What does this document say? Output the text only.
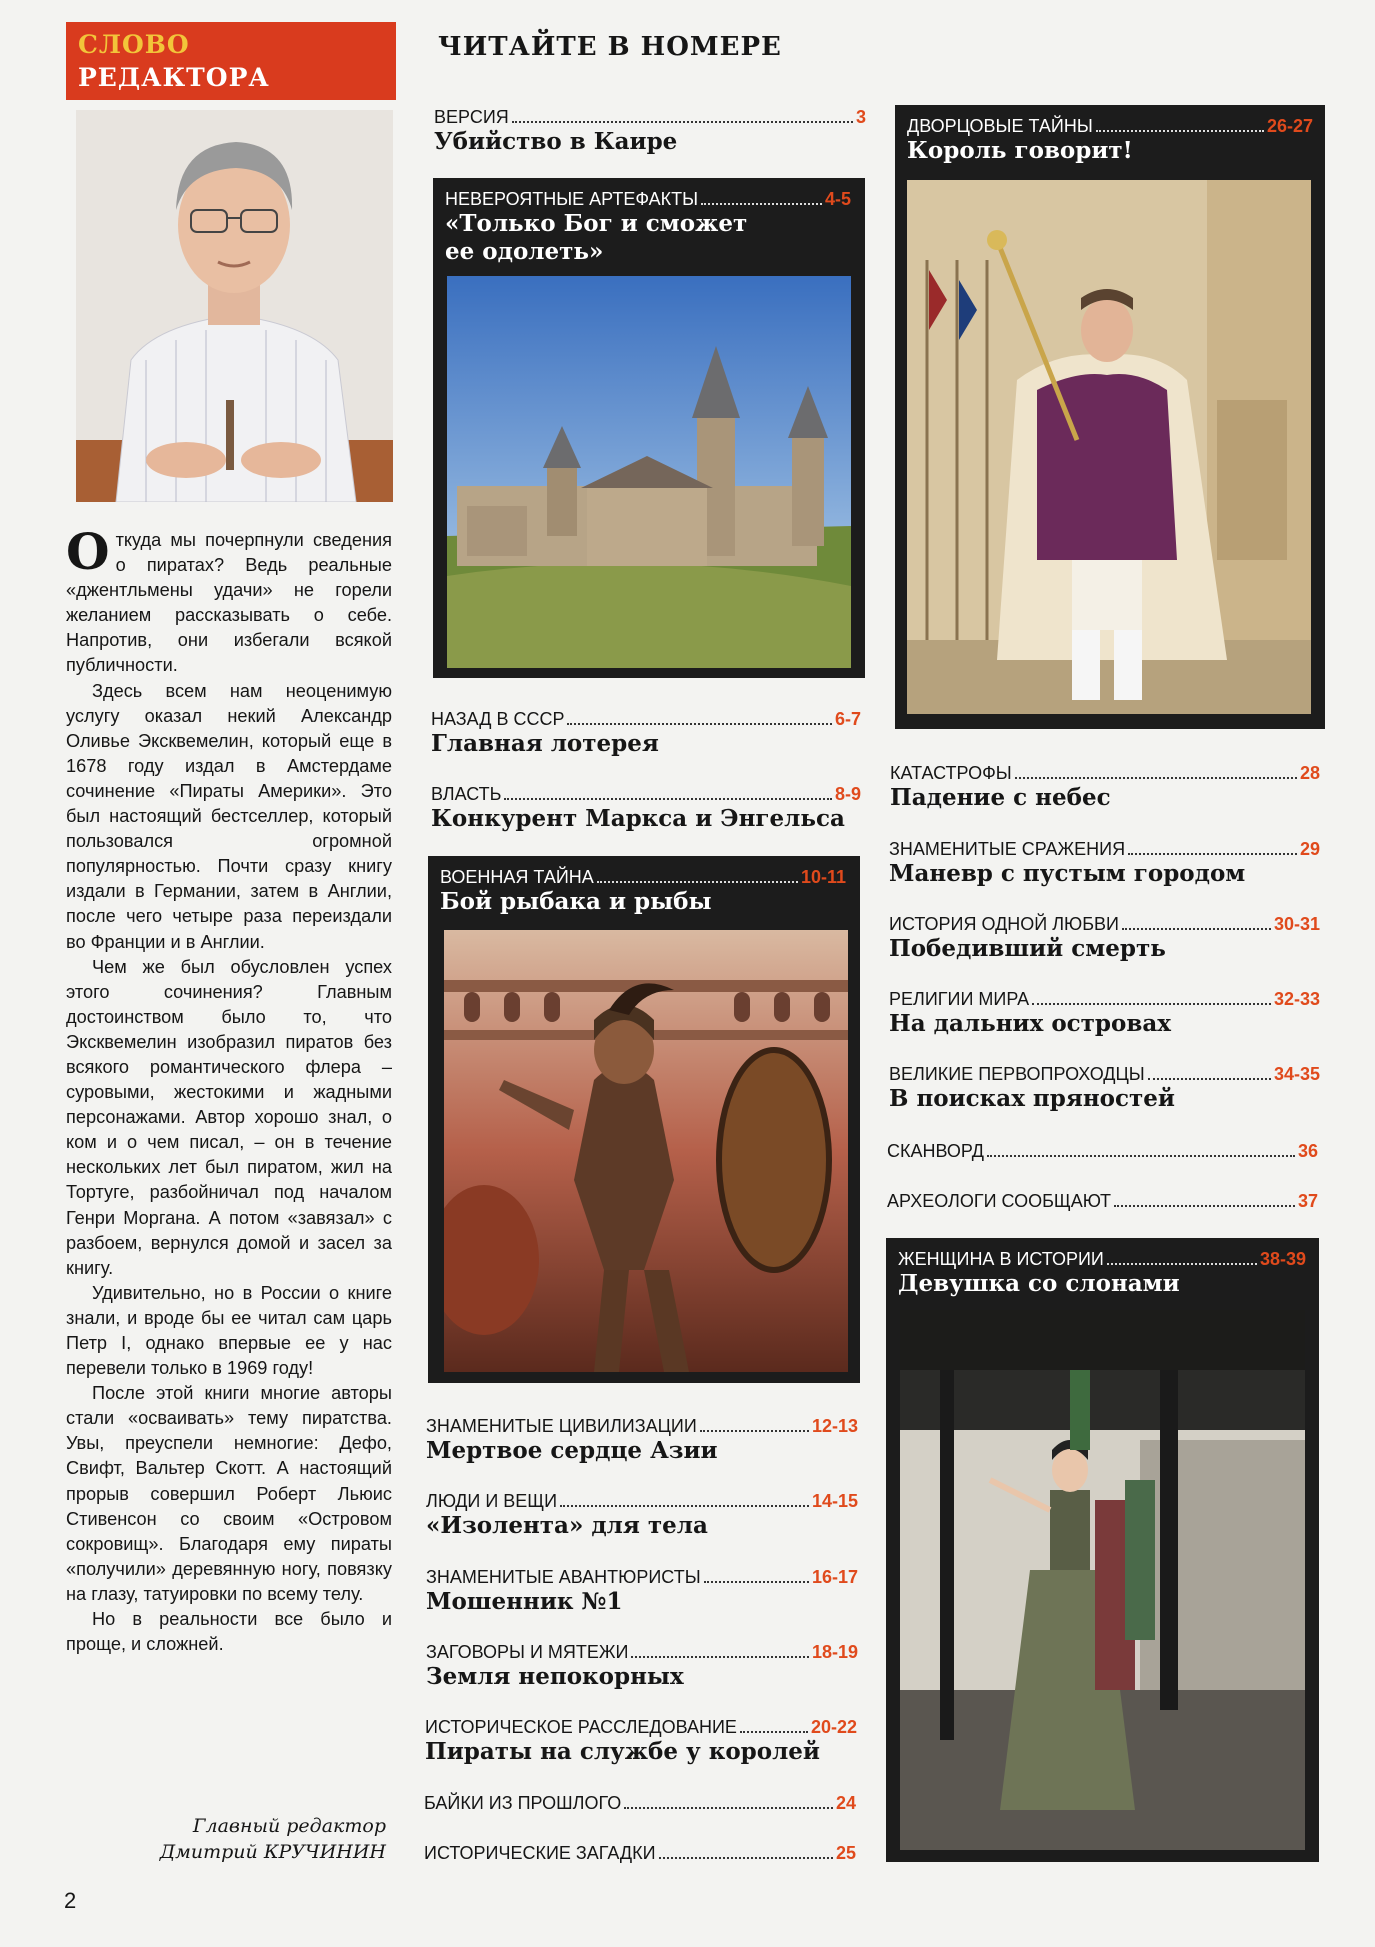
СЛОВО
РЕДАКТОРА

Откуда мы почерпнули сведения о пиратах? Ведь реальные «джентльмены удачи» не горели желанием рассказывать о себе. Напротив, они избегали всякой публичности.

Здесь всем нам неоценимую услугу оказал некий Александр Оливье Эксквемелин, который еще в 1678 году издал в Амстердаме сочинение «Пираты Америки». Это был настоящий бестселлер, который пользовался огромной популярностью. Почти сразу книгу издали в Германии, затем в Англии, после чего четыре раза переиздали во Франции и в Англии.

Чем же был обусловлен успех этого сочинения? Главным достоинством было то, что Эксквемелин изобразил пиратов без всякого романтического флера – суровыми, жестокими и жадными персонажами. Автор хорошо знал, о ком и о чем писал, – он в течение нескольких лет был пиратом, жил на Тортуге, разбойничал под началом Генри Моргана. А потом «завязал» с разбоем, вернулся домой и засел за книгу.

Удивительно, но в России о книге знали, и вроде бы ее читал сам царь Петр I, однако впервые ее у нас перевели только в 1969 году!

После этой книги многие авторы стали «осваивать» тему пиратства. Увы, преуспели немногие: Дефо, Свифт, Вальтер Скотт. А настоящий прорыв совершил Роберт Льюис Стивенсон со своим «Островом сокровищ». Благодаря ему пираты «получили» деревянную ногу, повязку на глазу, татуировки по всему телу.

Но в реальности все было и проще, и сложней.

Главный редактор
Дмитрий КРУЧИНИН
2
ЧИТАЙТЕ В НОМЕРЕ
ВЕРСИЯ	3
Убийство в Каире
НЕВЕРОЯТНЫЕ АРТЕФАКТЫ	4-5
«Только Бог и сможет
ее одолеть»
НАЗАД В СССР	6-7
Главная лотерея
ВЛАСТЬ	8-9
Конкурент Маркса и Энгельса
ВОЕННАЯ ТАЙНА	10-11
Бой рыбака и рыбы
ЗНАМЕНИТЫЕ ЦИВИЛИЗАЦИИ	12-13
Мертвое сердце Азии
ЛЮДИ И ВЕЩИ	14-15
«Изолента» для тела
ЗНАМЕНИТЫЕ АВАНТЮРИСТЫ	16-17
Мошенник №1
ЗАГОВОРЫ И МЯТЕЖИ	18-19
Земля непокорных
ИСТОРИЧЕСКОЕ РАССЛЕДОВАНИЕ	20-22
Пираты на службе у королей
БАЙКИ ИЗ ПРОШЛОГО	24
ИСТОРИЧЕСКИЕ ЗАГАДКИ	25
ДВОРЦОВЫЕ ТАЙНЫ	26-27
Король говорит!
КАТАСТРОФЫ	28
Падение с небес
ЗНАМЕНИТЫЕ СРАЖЕНИЯ	29
Маневр с пустым городом
ИСТОРИЯ ОДНОЙ ЛЮБВИ	30-31
Победивший смерть
РЕЛИГИИ МИРА	32-33
На дальних островах
ВЕЛИКИЕ ПЕРВОПРОХОДЦЫ	34-35
В поисках пряностей
СКАНВОРД	36
АРХЕОЛОГИ СООБЩАЮТ	37
ЖЕНЩИНА В ИСТОРИИ	38-39
Девушка со слонами
